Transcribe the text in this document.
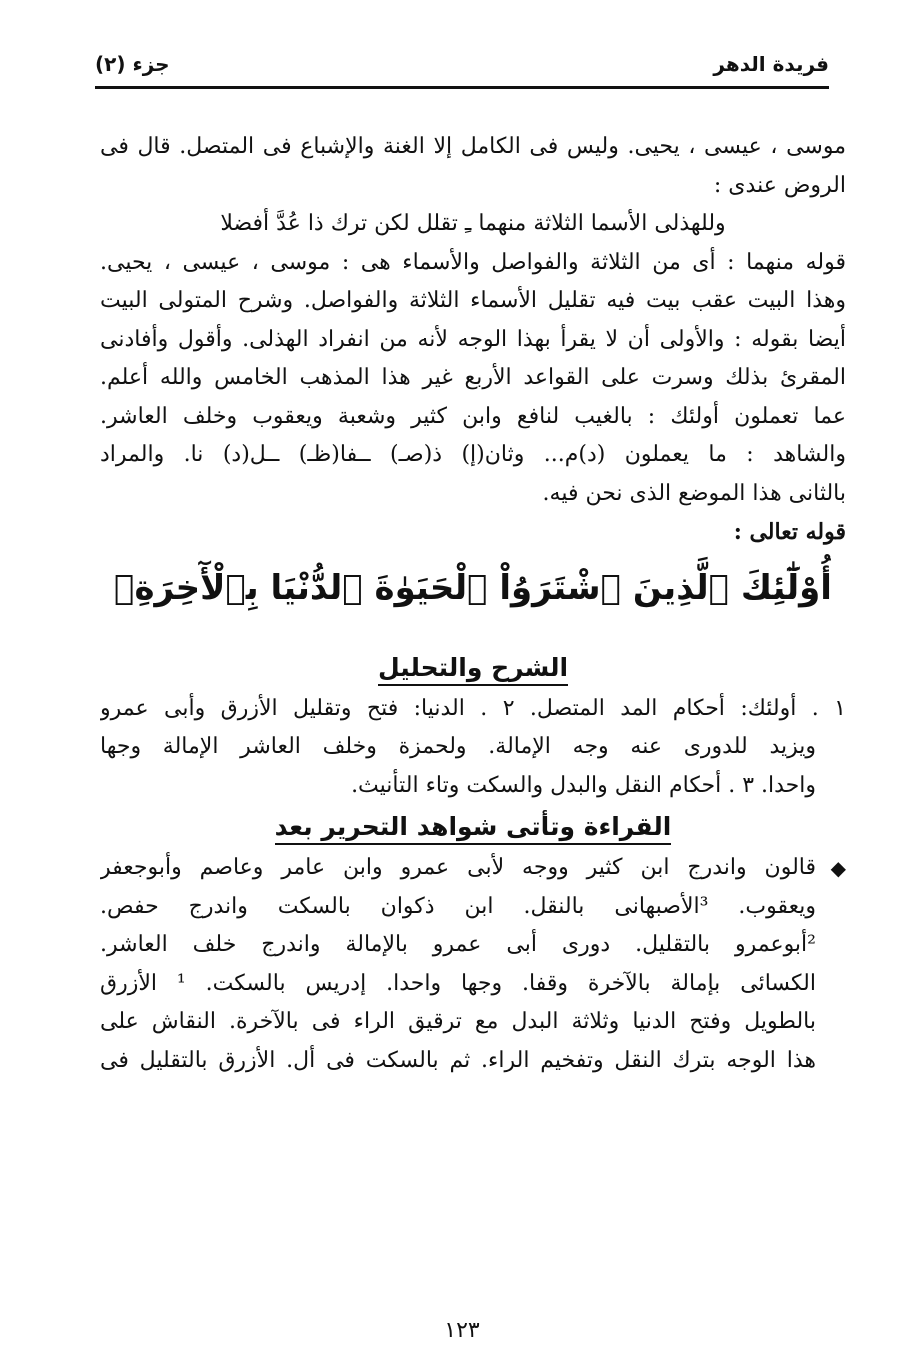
فريدة الدهر
جزء (٢)
موسى ، عيسى ، يحيى. وليس فى الكامل إلا الغنة والإشباع فى المتصل. قال فى
الروض عندى :
وللهذلى الأسما الثلاثة منهما ـِ تقلل لكن ترك ذا عُدَّ أفضلا
قوله منهما : أى من الثلاثة والفواصل والأسماء هى : موسى ، عيسى ، يحيى.
وهذا البيت عقب بيت فيه تقليل الأسماء الثلاثة والفواصل. وشرح المتولى البيت
أيضا بقوله : والأولى أن لا يقرأ بهذا الوجه لأنه من انفراد الهذلى. وأقول وأفادنى
المقرئ بذلك وسرت على القواعد الأربع غير هذا المذهب الخامس والله أعلم.
عما تعملون أولئك : بالغيب لنافع وابن كثير وشعبة ويعقوب وخلف العاشر.
والشاهد : ما يعملون (د)م... وثان(إ) ذ(صـ) ــفا(ظـ) ــل(د) نا. والمراد
بالثانى هذا الموضع الذى نحن فيه.
قوله تعالى :
أُوْلَٰٓئِكَ ٱلَّذِينَ ٱشْتَرَوُاْ ٱلْحَيَوٰةَ ٱلدُّنْيَا بِٱلْأٓخِرَةِۖ
الشرح والتحليل
١ . أولئك: أحكام المد المتصل. ٢ . الدنيا: فتح وتقليل الأزرق وأبى عمرو
ويزيد للدورى عنه وجه الإمالة. ولحمزة وخلف العاشر الإمالة وجها
واحدا. ٣ . أحكام النقل والبدل والسكت وتاء التأنيث.
القراءة وتأتى شواهد التحرير بعد
◆
قالون واندرج ابن كثير ووجه لأبى عمرو وابن عامر وعاصم وأبوجعفر
ويعقوب. ³الأصبهانى بالنقل. ابن ذكوان بالسكت واندرج حفص.
²أبوعمرو بالتقليل. دورى أبى عمرو بالإمالة واندرج خلف العاشر.
الكسائى بإمالة بالآخرة وقفا. وجها واحدا. إدريس بالسكت. ¹ الأزرق
بالطويل وفتح الدنيا وثلاثة البدل مع ترقيق الراء فى بالآخرة. النقاش على
هذا الوجه بترك النقل وتفخيم الراء. ثم بالسكت فى أل. الأزرق بالتقليل فى
١٢٣
